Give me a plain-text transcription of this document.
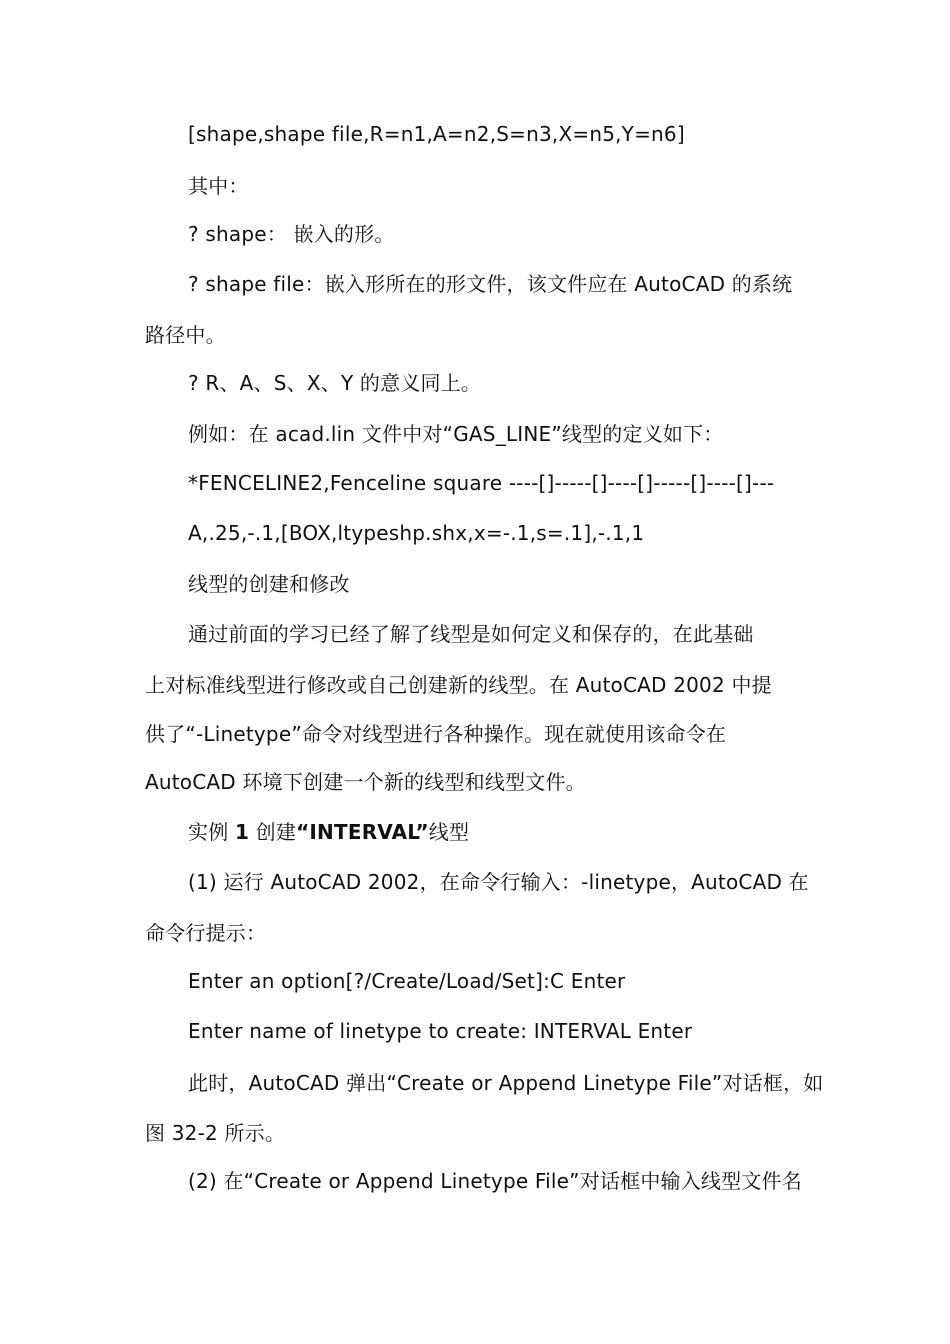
[shape,shape file,R=n1,A=n2,S=n3,X=n5,Y=n6]
其中：
? shape： 嵌入的形。
? shape file：嵌入形所在的形文件，该文件应在 AutoCAD 的系统
路径中。
? R、A、S、X、Y 的意义同上。
例如：在 acad.lin 文件中对“GAS_LINE”线型的定义如下：
*FENCELINE2,Fenceline square ----[]-----[]----[]-----[]----[]---
A,.25,-.1,[BOX,ltypeshp.shx,x=-.1,s=.1],-.1,1
线型的创建和修改
通过前面的学习已经了解了线型是如何定义和保存的，在此基础
上对标准线型进行修改或自己创建新的线型。在 AutoCAD 2002 中提
供了“-Linetype”命令对线型进行各种操作。现在就使用该命令在
AutoCAD 环境下创建一个新的线型和线型文件。
实例 1 创建“INTERVAL”线型
(1) 运行 AutoCAD 2002，在命令行输入：-linetype，AutoCAD 在
命令行提示：
Enter an option[?/Create/Load/Set]:C Enter
Enter name of linetype to create: INTERVAL Enter
此时，AutoCAD 弹出“Create or Append Linetype File”对话框，如
图 32-2 所示。
(2) 在“Create or Append Linetype File”对话框中输入线型文件名
